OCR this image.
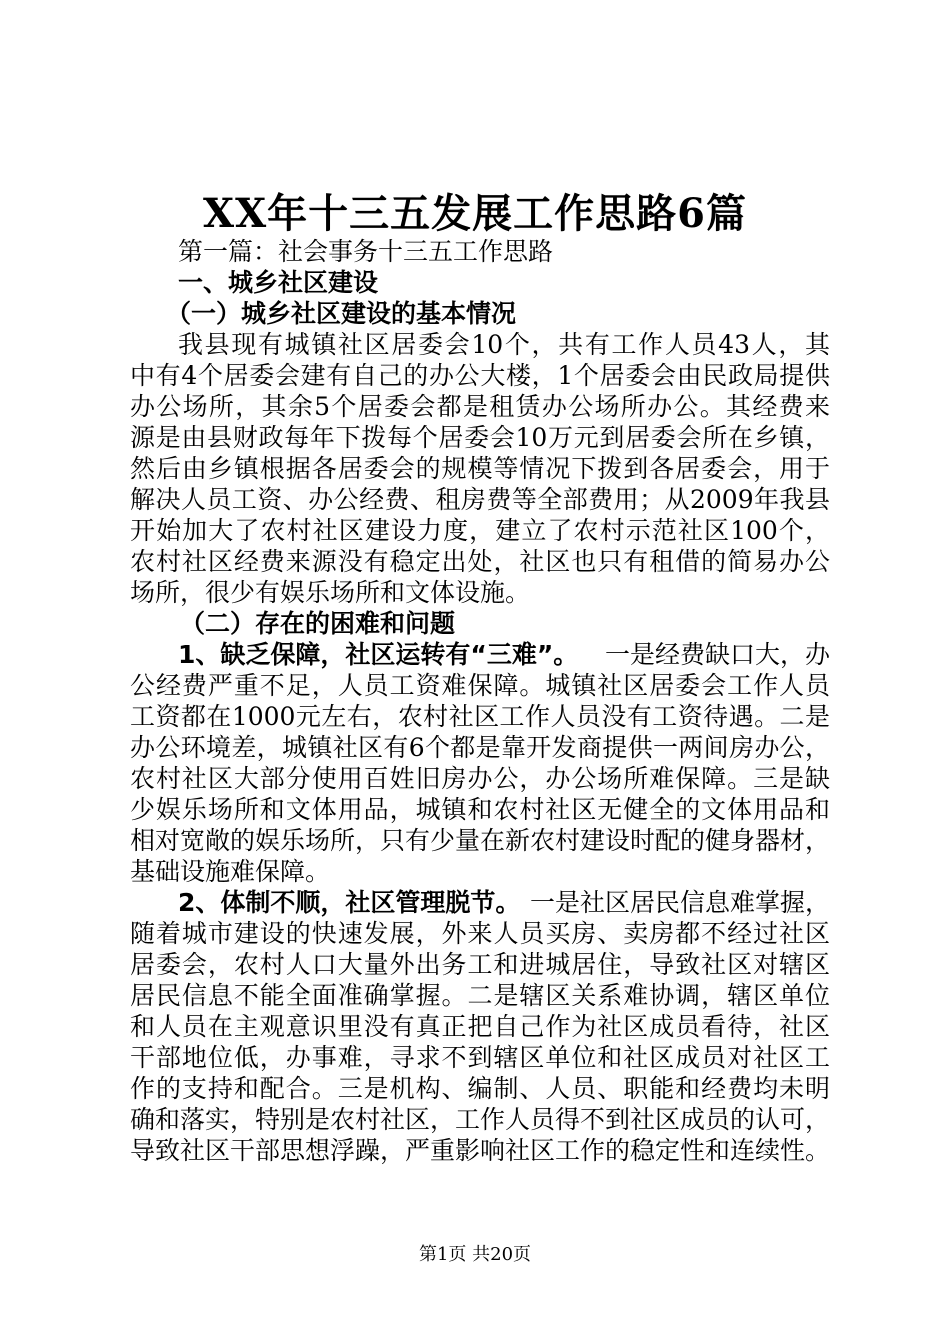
XX年十三五发展工作思路6篇
第一篇：社会事务十三五工作思路
一、城乡社区建设
（一）城乡社区建设的基本情况
我县现有城镇社区居委会10个，共有工作人员43人，其
中有4个居委会建有自己的办公大楼，1个居委会由民政局提供
办公场所，其余5个居委会都是租赁办公场所办公。其经费来
源是由县财政每年下拨每个居委会10万元到居委会所在乡镇，
然后由乡镇根据各居委会的规模等情况下拨到各居委会，用于
解决人员工资、办公经费、租房费等全部费用；从2009年我县
开始加大了农村社区建设力度，建立了农村示范社区100个，
农村社区经费来源没有稳定出处，社区也只有租借的简易办公
场所，很少有娱乐场所和文体设施。
（二）存在的困难和问题
1、缺乏保障，社区运转有“三难”。 一是经费缺口大，办
公经费严重不足，人员工资难保障。城镇社区居委会工作人员
工资都在1000元左右，农村社区工作人员没有工资待遇。二是
办公环境差，城镇社区有6个都是靠开发商提供一两间房办公，
农村社区大部分使用百姓旧房办公，办公场所难保障。三是缺
少娱乐场所和文体用品，城镇和农村社区无健全的文体用品和
相对宽敞的娱乐场所，只有少量在新农村建设时配的健身器材，
基础设施难保障。
2、体制不顺，社区管理脱节。 一是社区居民信息难掌握，
随着城市建设的快速发展，外来人员买房、卖房都不经过社区
居委会，农村人口大量外出务工和进城居住，导致社区对辖区
居民信息不能全面准确掌握。二是辖区关系难协调，辖区单位
和人员在主观意识里没有真正把自己作为社区成员看待，社区
干部地位低，办事难，寻求不到辖区单位和社区成员对社区工
作的支持和配合。三是机构、编制、人员、职能和经费均未明
确和落实，特别是农村社区，工作人员得不到社区成员的认可，
导致社区干部思想浮躁，严重影响社区工作的稳定性和连续性。
第1页 共20页
